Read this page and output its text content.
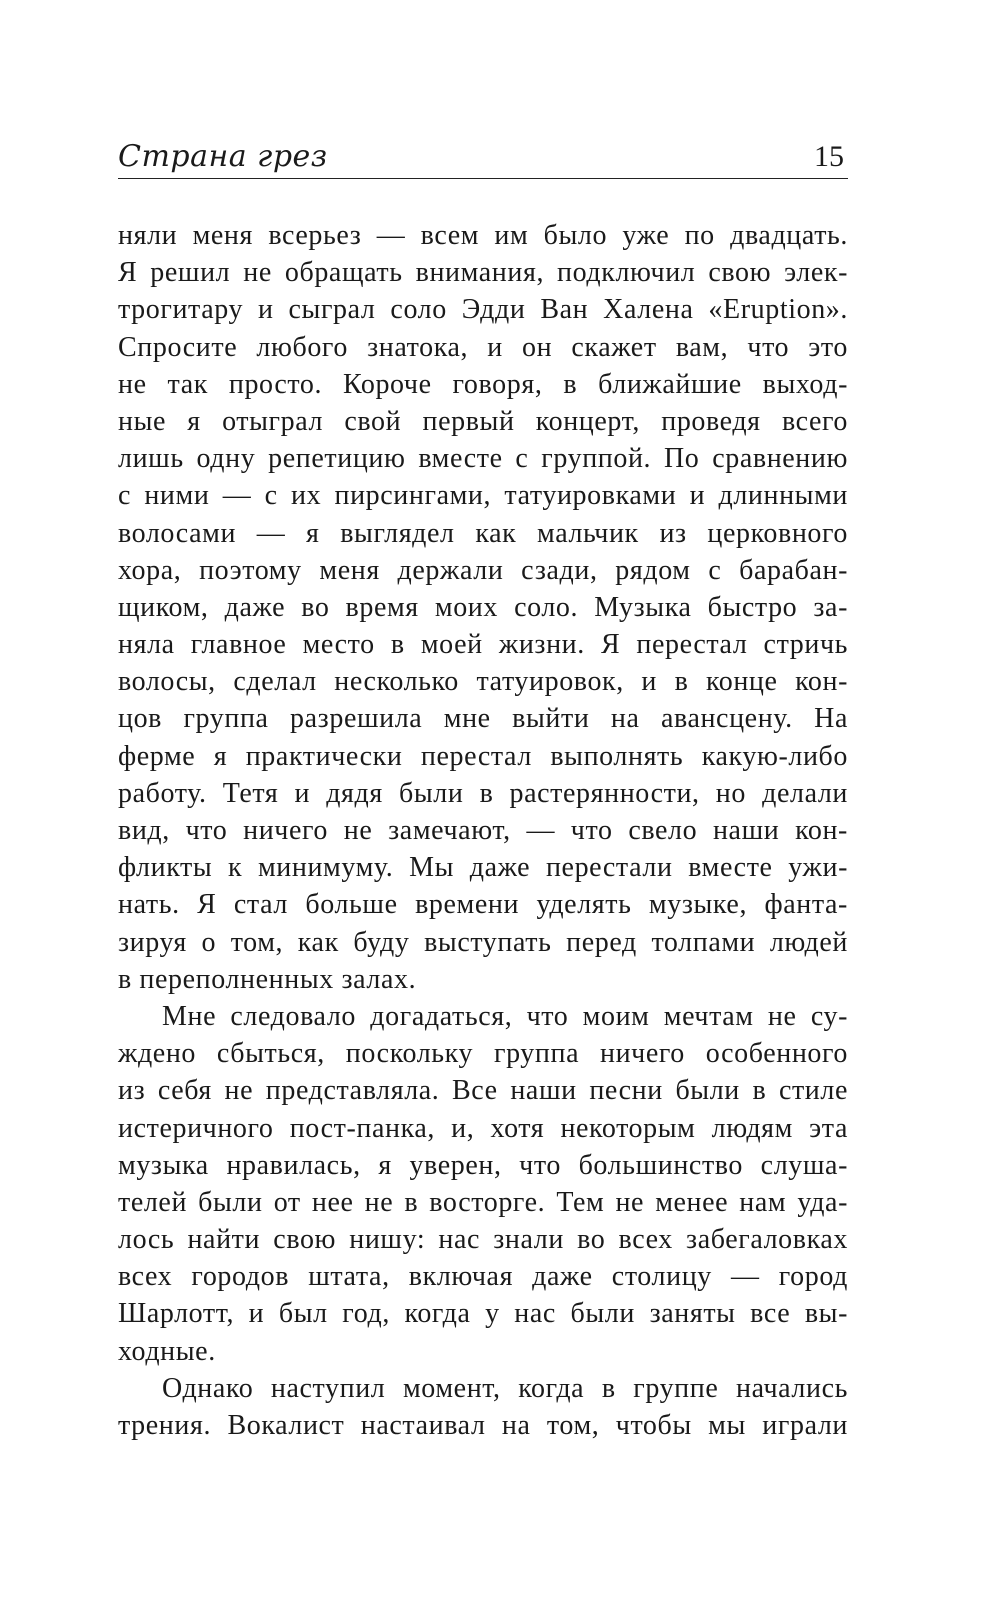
Страна грез	15
няли меня всерьез — всем им было уже по двадцать.
Я решил не обращать внимания, подключил свою элек-
трогитару и сыграл соло Эдди Ван Халена «Eruption».
Спросите любого знатока, и он скажет вам, что это
не так просто. Короче говоря, в ближайшие выход-
ные я отыграл свой первый концерт, проведя всего
лишь одну репетицию вместе с группой. По сравнению
с ними — с их пирсингами, татуировками и длинными
волосами — я выглядел как мальчик из церковного
хора, поэтому меня держали сзади, рядом с барабан-
щиком, даже во время моих соло. Музыка быстро за-
няла главное место в моей жизни. Я перестал стричь
волосы, сделал несколько татуировок, и в конце кон-
цов группа разрешила мне выйти на авансцену. На
ферме я практически перестал выполнять какую-либо
работу. Тетя и дядя были в растерянности, но делали
вид, что ничего не замечают, — что свело наши кон-
фликты к минимуму. Мы даже перестали вместе ужи-
нать. Я стал больше времени уделять музыке, фанта-
зируя о том, как буду выступать перед толпами людей
в переполненных залах.
Мне следовало догадаться, что моим мечтам не су-
ждено сбыться, поскольку группа ничего особенного
из себя не представляла. Все наши песни были в стиле
истеричного пост-панка, и, хотя некоторым людям эта
музыка нравилась, я уверен, что большинство слуша-
телей были от нее не в восторге. Тем не менее нам уда-
лось найти свою нишу: нас знали во всех забегаловках
всех городов штата, включая даже столицу — город
Шарлотт, и был год, когда у нас были заняты все вы-
ходные.
Однако наступил момент, когда в группе начались
трения. Вокалист настаивал на том, чтобы мы играли
